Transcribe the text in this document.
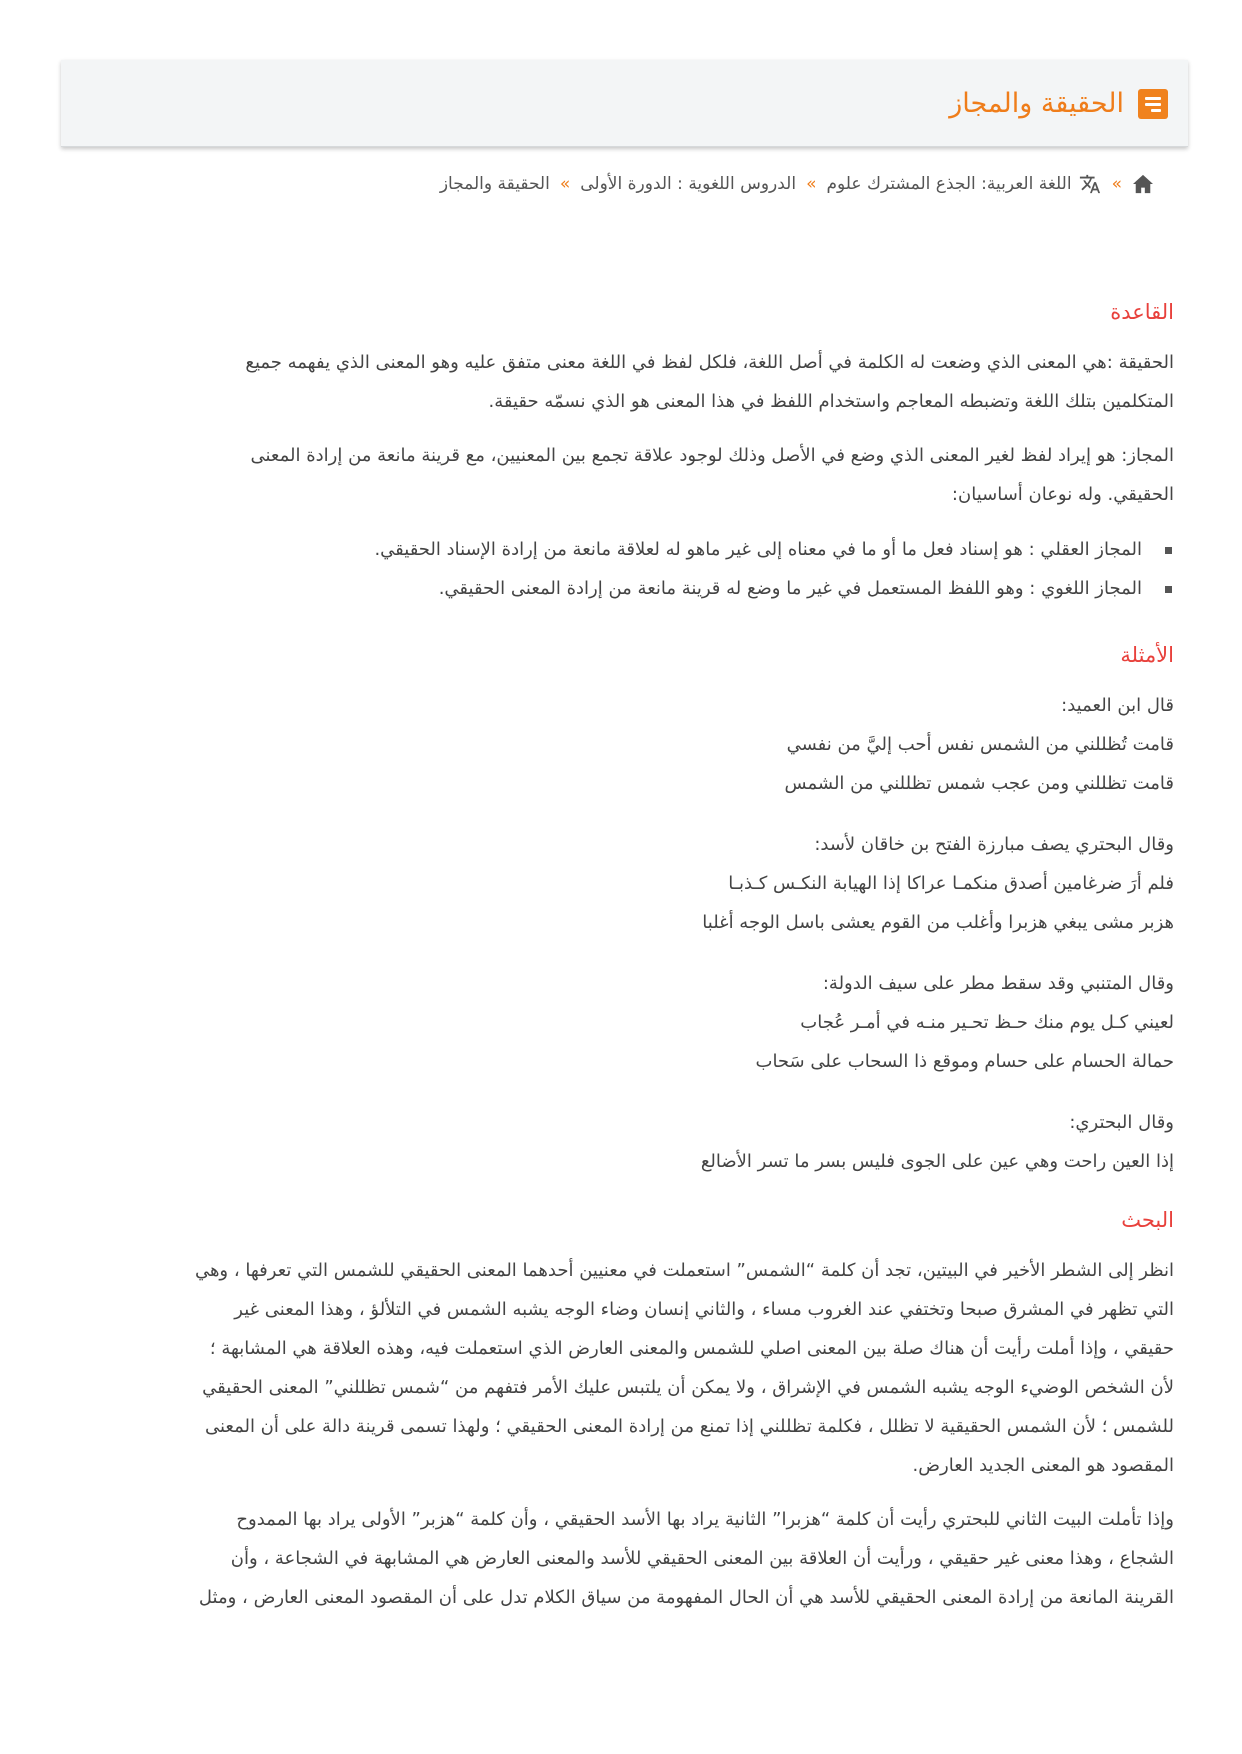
الحقيقة والمجاز
»
اللغة العربية: الجذع المشترك علوم
»
الدروس اللغوية : الدورة الأولى
»
الحقيقة والمجاز
القاعدة

الحقيقة :هي المعنى الذي وضعت له الكلمة في أصل اللغة، فلكل لفظ في اللغة معنى متفق عليه وهو المعنى الذي يفهمه جميع
المتكلمين بتلك اللغة وتضبطه المعاجم واستخدام اللفظ في هذا المعنى هو الذي نسمّه حقيقة.

المجاز: هو إيراد لفظ لغير المعنى الذي وضع في الأصل وذلك لوجود علاقة تجمع بين المعنيين، مع قرينة مانعة من إرادة المعنى
الحقيقي. وله نوعان أساسيان:

المجاز العقلي : هو إسناد فعل ما أو ما في معناه إلى غير ماهو له لعلاقة مانعة من إرادة الإسناد الحقيقي.
المجاز اللغوي : وهو اللفظ المستعمل في غير ما وضع له قرينة مانعة من إرادة المعنى الحقيقي.
الأمثلة
قال ابن العميد:
قامت تُظللني من الشمس نفس أحب إليَّ من نفسي
قامت تظللني ومن عجب شمس تظللني من الشمس
وقال البحتري يصف مبارزة الفتح بن خاقان لأسد:
فلم أرَ ضرغامين أصدق منكمـا عراكا إذا الهيابة النكـس كـذبـا
هزبر مشى يبغي هزبرا وأغلب من القوم يعشى باسل الوجه أغلبا
وقال المتنبي وقد سقط مطر على سيف الدولة:
لعيني كـل يوم منك حـظ تحـير منـه في أمـر عُجاب
حمالة الحسام على حسام وموقع ذا السحاب على سَحاب
وقال البحتري:
إذا العين راحت وهي عين على الجوى فليس بسر ما تسر الأضالع
البحث

انظر إلى الشطر الأخير في البيتين، تجد أن كلمة “الشمس” استعملت في معنيين أحدهما المعنى الحقيقي للشمس التي تعرفها ، وهي
التي تظهر في المشرق صبحا وتختفي عند الغروب مساء ، والثاني إنسان وضاء الوجه يشبه الشمس في التلألؤ ، وهذا المعنى غير
حقيقي ، وإذا أملت رأيت أن هناك صلة بين المعنى اصلي للشمس والمعنى العارض الذي استعملت فيه، وهذه العلاقة هي المشابهة ؛
لأن الشخص الوضيء الوجه يشبه الشمس في الإشراق ، ولا يمكن أن يلتبس عليك الأمر فتفهم من “شمس تظللني” المعنى الحقيقي
للشمس ؛ لأن الشمس الحقيقية لا تظلل ، فكلمة تظللني إذا تمنع من إرادة المعنى الحقيقي ؛ ولهذا تسمى قرينة دالة على أن المعنى
المقصود هو المعنى الجديد العارض.

وإذا تأملت البيت الثاني للبحتري رأيت أن كلمة “هزبرا” الثانية يراد بها الأسد الحقيقي ، وأن كلمة “هزبر” الأولى يراد بها الممدوح
الشجاع ، وهذا معنى غير حقيقي ، ورأيت أن العلاقة بين المعنى الحقيقي للأسد والمعنى العارض هي المشابهة في الشجاعة ، وأن
القرينة المانعة من إرادة المعنى الحقيقي للأسد هي أن الحال المفهومة من سياق الكلام تدل على أن المقصود المعنى العارض ، ومثل
